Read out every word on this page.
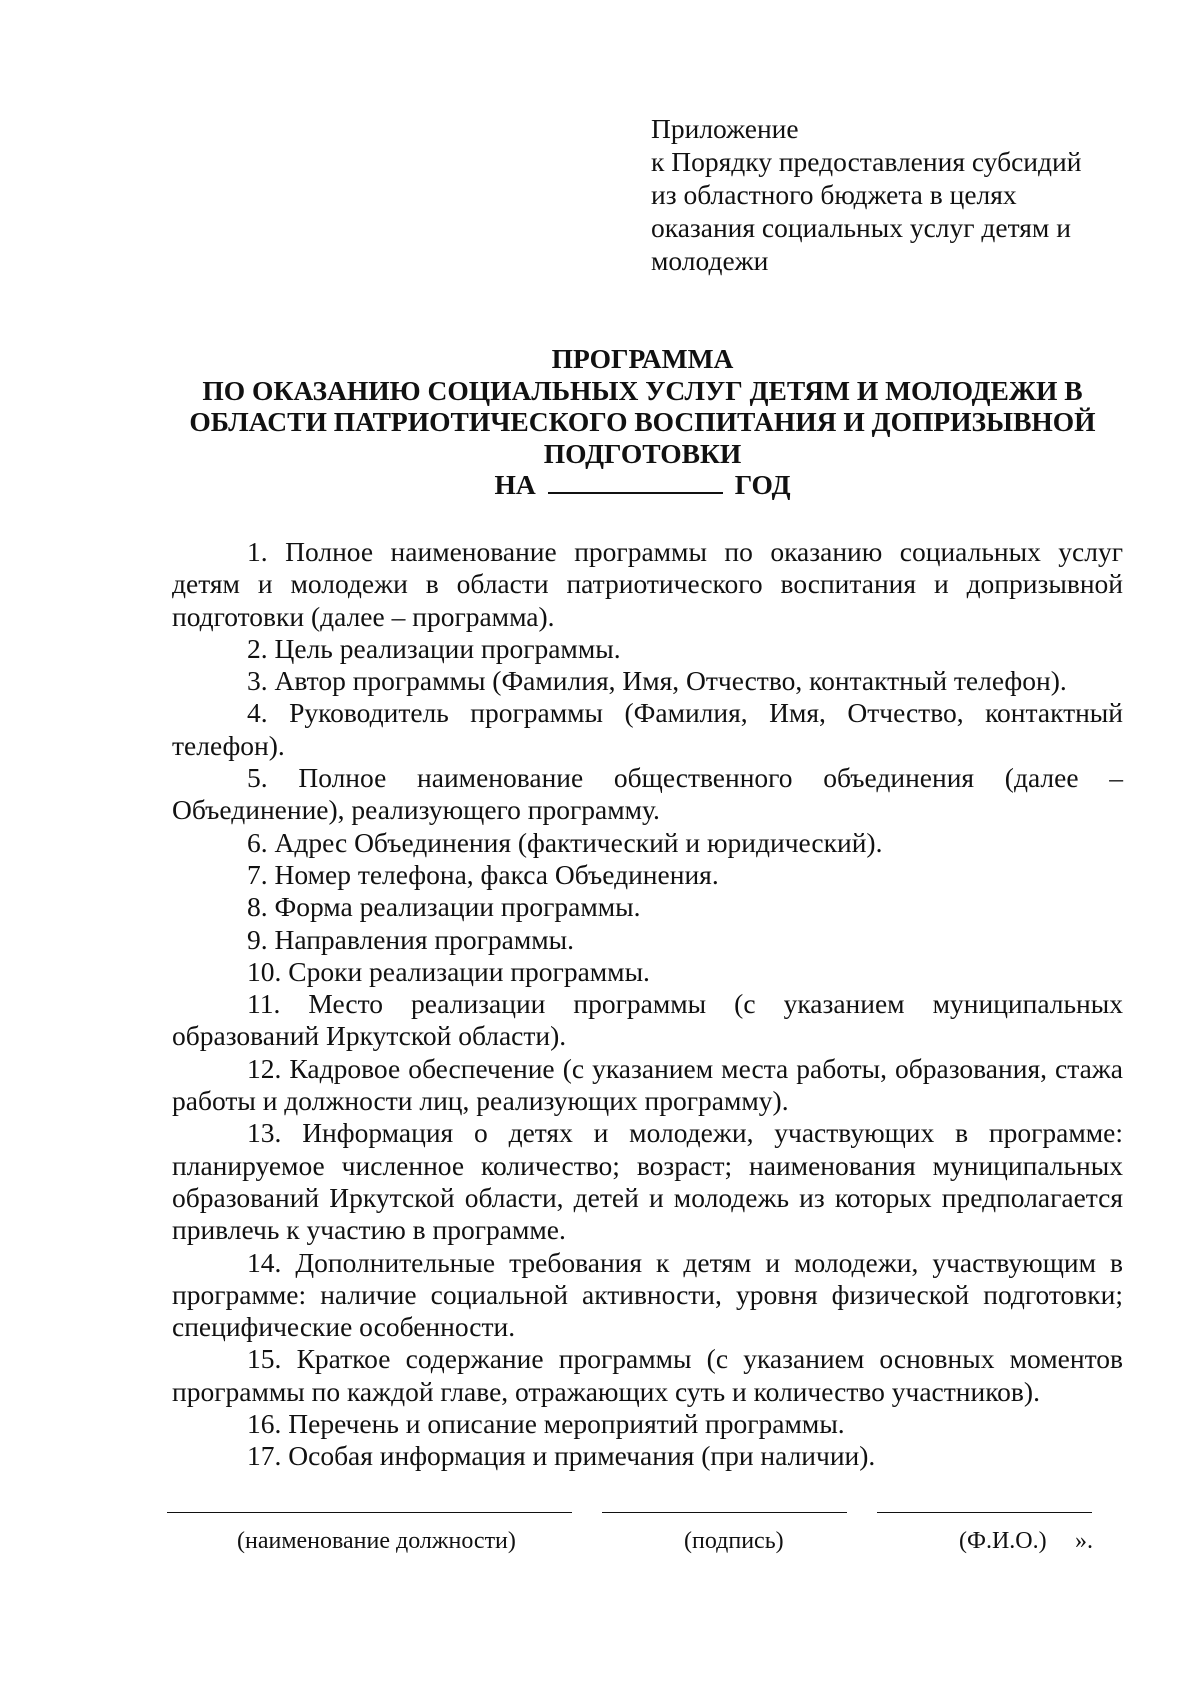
Приложение
к Порядку предоставления субсидий
из областного бюджета в целях
оказания социальных услуг детям и
молодежи
ПРОГРАММА
ПО ОКАЗАНИЮ СОЦИАЛЬНЫХ УСЛУГ ДЕТЯМ И МОЛОДЕЖИ В
ОБЛАСТИ ПАТРИОТИЧЕСКОГО ВОСПИТАНИЯ И ДОПРИЗЫВНОЙ
ПОДГОТОВКИ
НА	ГОД

1. Полное наименование программы по оказанию социальных услуг детям и молодежи в области патриотического воспитания и допризывной подготовки (далее – программа).

2. Цель реализации программы.

3. Автор программы (Фамилия, Имя, Отчество, контактный телефон).

4. Руководитель программы (Фамилия, Имя, Отчество, контактный телефон).

5. Полное наименование общественного объединения (далее – Объединение), реализующего программу.

6. Адрес Объединения (фактический и юридический).

7. Номер телефона, факса Объединения.

8. Форма реализации программы.

9. Направления программы.

10. Сроки реализации программы.

11. Место реализации программы (с указанием муниципальных образований Иркутской области).

12. Кадровое обеспечение (с указанием места работы, образования, стажа работы и должности лиц, реализующих программу).

13. Информация о детях и молодежи, участвующих в программе: планируемое численное количество; возраст; наименования муниципальных образований Иркутской области, детей и молодежь из которых предполагается привлечь к участию в программе.

14. Дополнительные требования к детям и молодежи, участвующим в программе: наличие социальной активности, уровня физической подготовки; специфические особенности.

15. Краткое содержание программы (с указанием основных моментов программы по каждой главе, отражающих суть и количество участников).

16. Перечень и описание мероприятий программы.

17. Особая информация и примечания (при наличии).

(наименование должности)	(подпись)	(Ф.И.О.) ».
